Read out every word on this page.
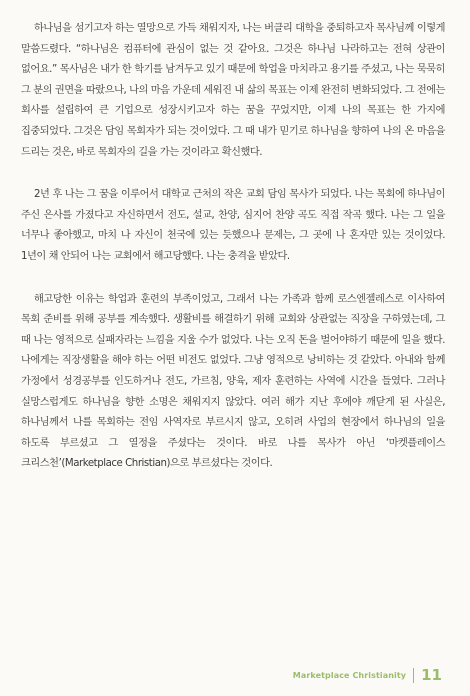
하나님을 섬기고자 하는 열망으로 가득 채워지자, 나는 버클리 대학을 중퇴하고자 목사님께 이렇게 말씀드렸다. “하나님은 컴퓨터에 관심이 없는 것 같아요. 그것은 하나님 나라하고는 전혀 상관이 없어요.” 목사님은 내가 한 학기를 남겨두고 있기 때문에 학업을 마치라고 용기를 주셨고, 나는 묵묵히 그 분의 권면을 따랐으나, 나의 마음 가운데 세워진 내 삶의 목표는 이제 완전히 변화되었다. 그 전에는 회사를 설립하여 큰 기업으로 성장시키고자 하는 꿈을 꾸었지만, 이제 나의 목표는 한 가지에 집중되었다. 그것은 담임 목회자가 되는 것이었다. 그 때 내가 믿기로 하나님을 향하여 나의 온 마음을 드리는 것은, 바로 목회자의 길을 가는 것이라고 확신했다.

2년 후 나는 그 꿈을 이루어서 대학교 근처의 작은 교회 담임 목사가 되었다. 나는 목회에 하나님이 주신 은사를 가졌다고 자신하면서 전도, 설교, 찬양, 심지어 찬양 곡도 직접 작곡 했다. 나는 그 일을 너무나 좋아했고, 마치 나 자신이 천국에 있는 듯했으나 문제는, 그 곳에 나 혼자만 있는 것이었다. 1년이 채 안되어 나는 교회에서 해고당했다. 나는 충격을 받았다.

해고당한 이유는 학업과 훈련의 부족이었고, 그래서 나는 가족과 함께 로스엔젤레스로 이사하여 목회 준비를 위해 공부를 계속했다. 생활비를 해결하기 위해 교회와 상관없는 직장을 구하였는데, 그 때 나는 영적으로 실패자라는 느낌을 지울 수가 없었다. 나는 오직 돈을 벌어야하기 때문에 일을 했다. 나에게는 직장생활을 해야 하는 어떤 비전도 없었다. 그냥 영적으로 낭비하는 것 같았다. 아내와 함께 가정에서 성경공부를 인도하거나 전도, 가르침, 양육, 제자 훈련하는 사역에 시간을 들였다. 그러나 실망스럽게도 하나님을 향한 소명은 채워지지 않았다. 여러 해가 지난 후에야 깨닫게 된 사실은, 하나님께서 나를 목회하는 전임 사역자로 부르시지 않고, 오히려 사업의 현장에서 하나님의 일을 하도록 부르셨고 그 열정을 주셨다는 것이다. 바로 나를 목사가 아닌 ‘마켓플레이스 크리스천’(Marketplace Christian)으로 부르셨다는 것이다.

Marketplace Christianity 11
